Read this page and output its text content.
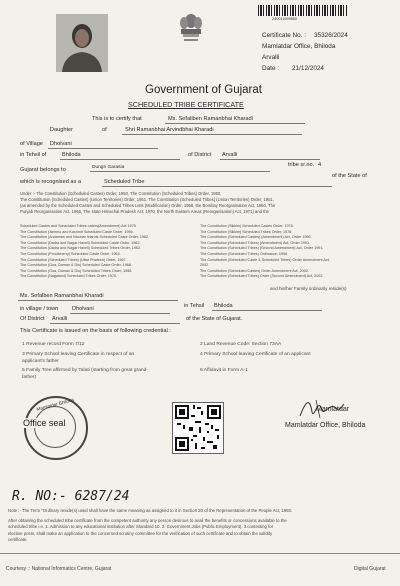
240011599650
Certificate No. : 35326/2024
Mamlatdar Office, Bhiloda
Arvalli
Date : 21/12/2024
Government of Gujarat
SCHEDULED TRIBE CERTIFICATE
This is to certify that	Ms. Sefaliben Ramanbhai Kharadi
Daughter	of	Shri Ramanbhai Arvindbhai Kharadi
of Village Dholvani
in Tehsil of	Bhiloda	of District Arvalli
Gujarat belongs to	Dungri Garasia	tribe sr.no. 4
of the State of
which is recognised as a	Scheduled Tribe
Under :- The Constitution (Scheduled Castes) Order, 1950, The Constitution (Scheduled Tribes) Order, 1950,
The Constitution (Scheduled Castes) (Union Territories) Order, 1951, The Constitution (Scheduled Tribes) (Union Territories) Order, 1951,
(as amended by the Scheduled Castes and Scheduled Tribes Lists (Modification) Order, 1956, the Bombay Reorganisation Act, 1960, The
Punjab Reorganisation Act, 1966, The state Himachal Pradesh Act, 1970, the North Eastern Areas (Reorganisation) Act, 1971) and the
Scheduled Castes and Scheduled Tribes orders(Amendment) Act 1976
The Constitution (Jammu and Kashmir Scheduled Caste Order, 1956.
The Constitution (Andaman and Nicobar Islands Scheduled Caste Order, 1962.
The Constitution (Dadra and Nagar Haveli) Scheduled Caste Order, 1962.
The Constitution (Dadra and Nagar Haveli) Scheduled Tribes Order, 1962.
The Constitution (Pondicherry) Scheduled Caste Order, 1964.
The Constitution (Scheduled Tribes) (Uttar Pradesh) Order, 1967.
The Constitution (Goa, Daman & Diu) Scheduled Caste Order, 1968.
The Constitution (Goa, Daman & Diu) Scheduled Tribes Order, 1968.
The Constitution (Nagaland) Scheduled Tribes Order, 1970.
The Constitution (Sikkim) Scheduled Castes Order, 1978.
The Constitution (Sikkim) Scheduled Tribes Order, 1978.
The Constitution (Scheduled Castes) (Amendment) Act, Order 1990.
The Constitution (Scheduled Tribes) (Amendment) Act, Order 1991.
The Constitution (Scheduled Tribes) (Second Amendment) Act, Order 1991.
The Constitution (Scheduled Tribes) Ordinance, 1996.
The Constitution (Scheduled Caste & Scheduled Tribes) Order Amendment Act,
2002.
The Constitution (Scheduled Castes) Order Amendment Act, 2002.
The Constitution (Scheduled Tribes) Order (Second Amendment) Act, 2002.
and his/her Family ordinarily reside(s)
Ms. Sefalben Ramanbhai Kharadi
in Tehsil Bhiloda
in village / town Dholvani
Of District Arvalli	of the State of Gujarat.
This Certificate is issued on the basis of following credential :
1 Revenue record Form 7/12
3 Primary School leaving Certificate in respect of an
applicant's father
5 Family Tree affirmed by Talati (starting from great grand-
father)
2 Land Revenue Code: Section 73AA
4 Primary School leaving Certificate of an applicant
6 Affidavit in Form A-1
Mamlatdar Bhiloda
Office seal
Mamlatdar
Mamlatdar Office, Bhiloda
R. NO:- 6287/24
Note :- The Term "Ordinary reside(s) used shall have the same meaning as assigned to it in Section 20 of the Representation of the People Act, 1950.
After obtaining the scheduled tribe certificate from the competent authority any person desirous to avail the benefits or concessions available to the
scheduled tribe i.e. 1. Admission to any educational institution after Standard 10. 2. Government Jobs (Public Employment). 3.contesting for
elective posts, shall make an application to the concerned scrutiny committee for the verification of such certificate and to obtain the validity
certificate.
Courtesy :: National Informatics Centre, Gujarat	Digital Gujarat
